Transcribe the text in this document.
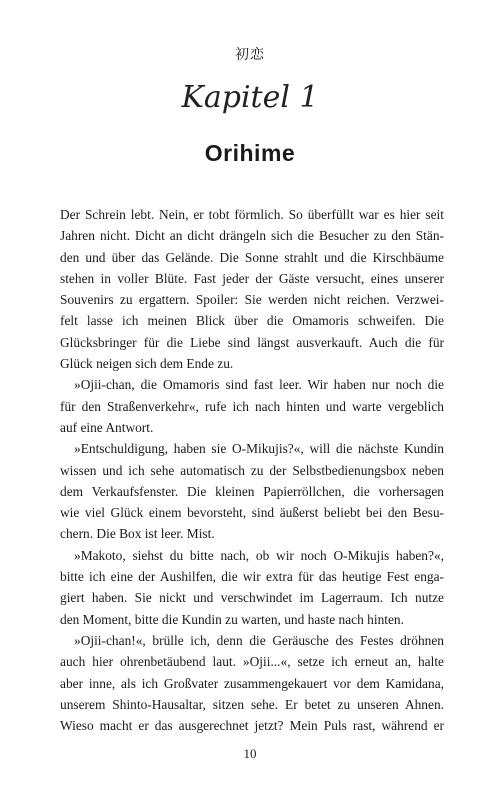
初恋
Kapitel 1
Orihime
Der Schrein lebt. Nein, er tobt förmlich. So überfüllt war es hier seit
Jahren nicht. Dicht an dicht drängeln sich die Besucher zu den Stän-
den und über das Gelände. Die Sonne strahlt und die Kirschbäume
stehen in voller Blüte. Fast jeder der Gäste versucht, eines unserer
Souvenirs zu ergattern. Spoiler: Sie werden nicht reichen. Verzwei-
felt lasse ich meinen Blick über die Omamoris schweifen. Die
Glücksbringer für die Liebe sind längst ausverkauft. Auch die für
Glück neigen sich dem Ende zu.
»Ojii-chan, die Omamoris sind fast leer. Wir haben nur noch die
für den Straßenverkehr«, rufe ich nach hinten und warte vergeblich
auf eine Antwort.
»Entschuldigung, haben sie O-Mikujis?«, will die nächste Kundin
wissen und ich sehe automatisch zu der Selbstbedienungsbox neben
dem Verkaufsfenster. Die kleinen Papierröllchen, die vorhersagen
wie viel Glück einem bevorsteht, sind äußerst beliebt bei den Besu-
chern. Die Box ist leer. Mist.
»Makoto, siehst du bitte nach, ob wir noch O-Mikujis haben?«,
bitte ich eine der Aushilfen, die wir extra für das heutige Fest enga-
giert haben. Sie nickt und verschwindet im Lagerraum. Ich nutze
den Moment, bitte die Kundin zu warten, und haste nach hinten.
»Ojii-chan!«, brülle ich, denn die Geräusche des Festes dröhnen
auch hier ohrenbetäubend laut. »Ojii...«, setze ich erneut an, halte
aber inne, als ich Großvater zusammengekauert vor dem Kamidana,
unserem Shinto-Hausaltar, sitzen sehe. Er betet zu unseren Ahnen.
Wieso macht er das ausgerechnet jetzt? Mein Puls rast, während er
10
